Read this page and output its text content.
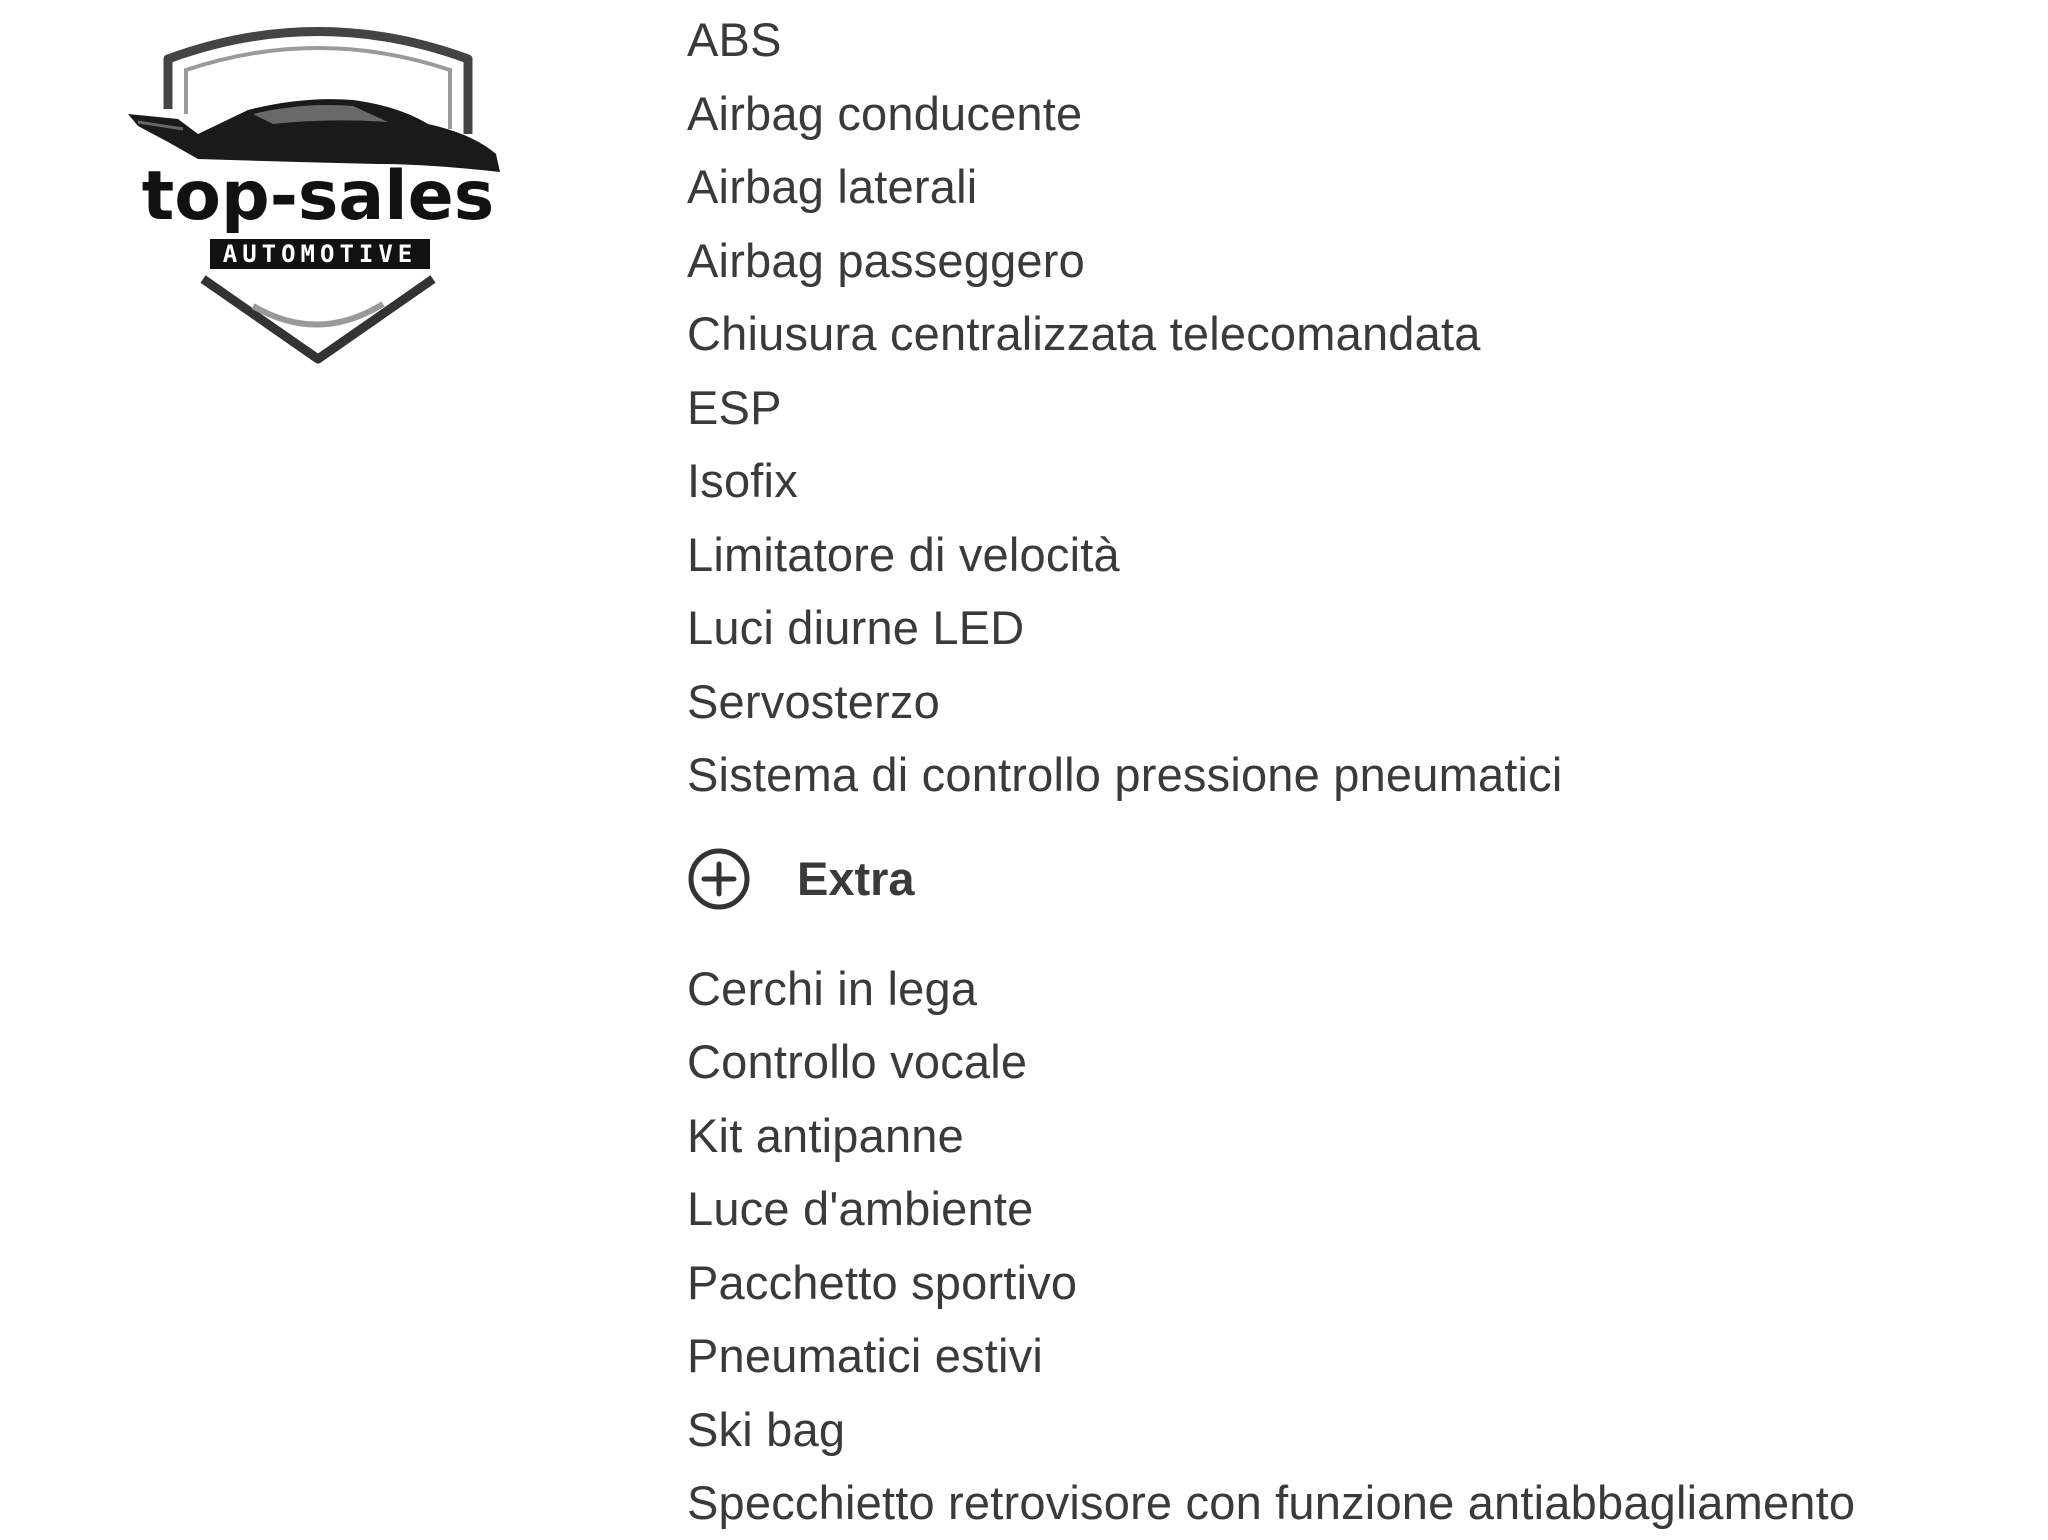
top-sales
AUTOMOTIVE
ABS
Airbag conducente
Airbag laterali
Airbag passeggero
Chiusura centralizzata telecomandata
ESP
Isofix
Limitatore di velocità
Luci diurne LED
Servosterzo
Sistema di controllo pressione pneumatici
Extra
Cerchi in lega
Controllo vocale
Kit antipanne
Luce d'ambiente
Pacchetto sportivo
Pneumatici estivi
Ski bag
Specchietto retrovisore con funzione antiabbagliamento
